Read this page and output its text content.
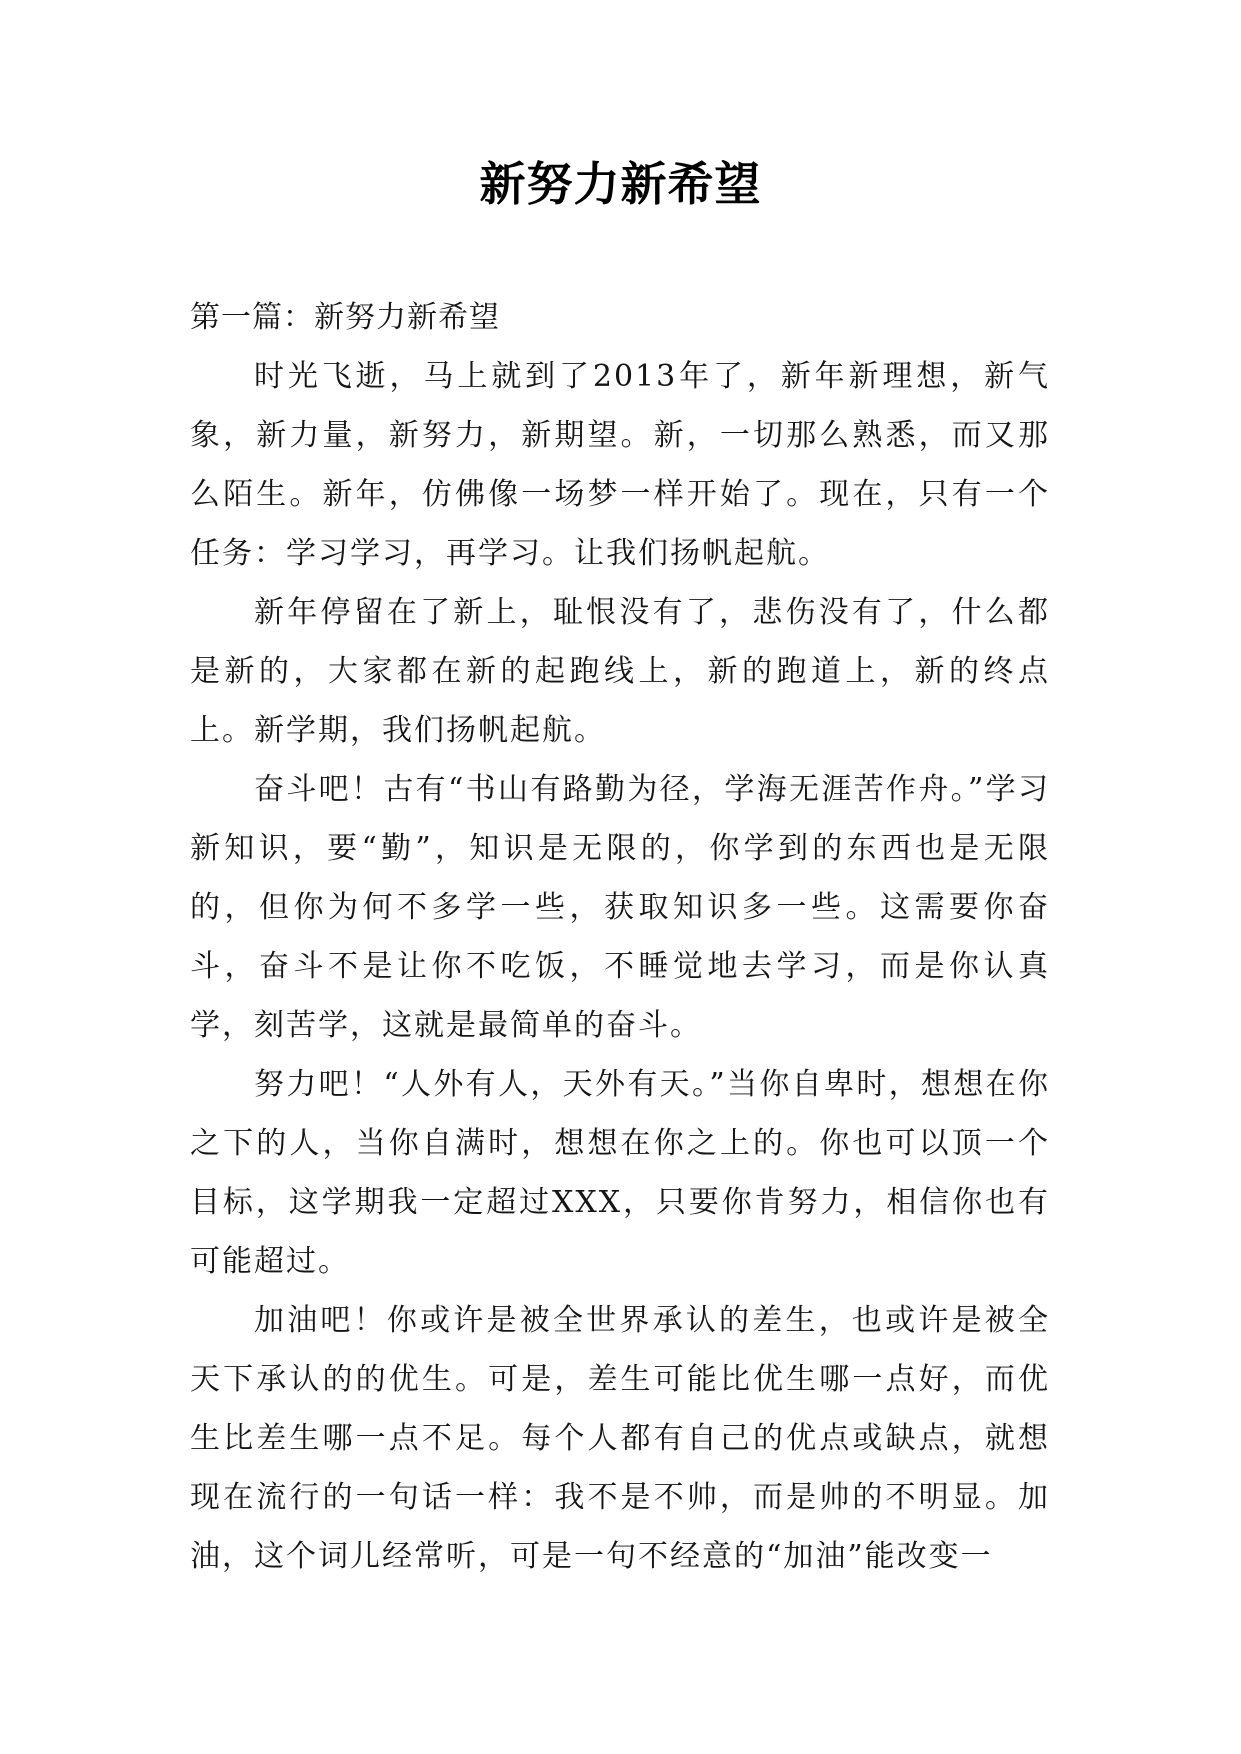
新努力新希望

第一篇：新努力新希望

时光飞逝，马上就到了2013年了，新年新理想，新气象，新力量，新努力，新期望。新，一切那么熟悉，而又那么陌生。新年，仿佛像一场梦一样开始了。现在，只有一个任务：学习学习，再学习。让我们扬帆起航。

新年停留在了新上，耻恨没有了，悲伤没有了，什么都是新的，大家都在新的起跑线上，新的跑道上，新的终点上。新学期，我们扬帆起航。

奋斗吧！古有“书山有路勤为径，学海无涯苦作舟。”学习新知识，要“勤”，知识是无限的，你学到的东西也是无限的，但你为何不多学一些，获取知识多一些。这需要你奋斗，奋斗不是让你不吃饭，不睡觉地去学习，而是你认真学，刻苦学，这就是最简单的奋斗。

努力吧！“人外有人，天外有天。”当你自卑时，想想在你之下的人，当你自满时，想想在你之上的。你也可以顶一个目标，这学期我一定超过XXX，只要你肯努力，相信你也有可能超过。

加油吧！你或许是被全世界承认的差生，也或许是被全天下承认的的优生。可是，差生可能比优生哪一点好，而优生比差生哪一点不足。每个人都有自己的优点或缺点，就想现在流行的一句话一样：我不是不帅，而是帅的不明显。加油，这个词儿经常听，可是一句不经意的“加油”能改变一
